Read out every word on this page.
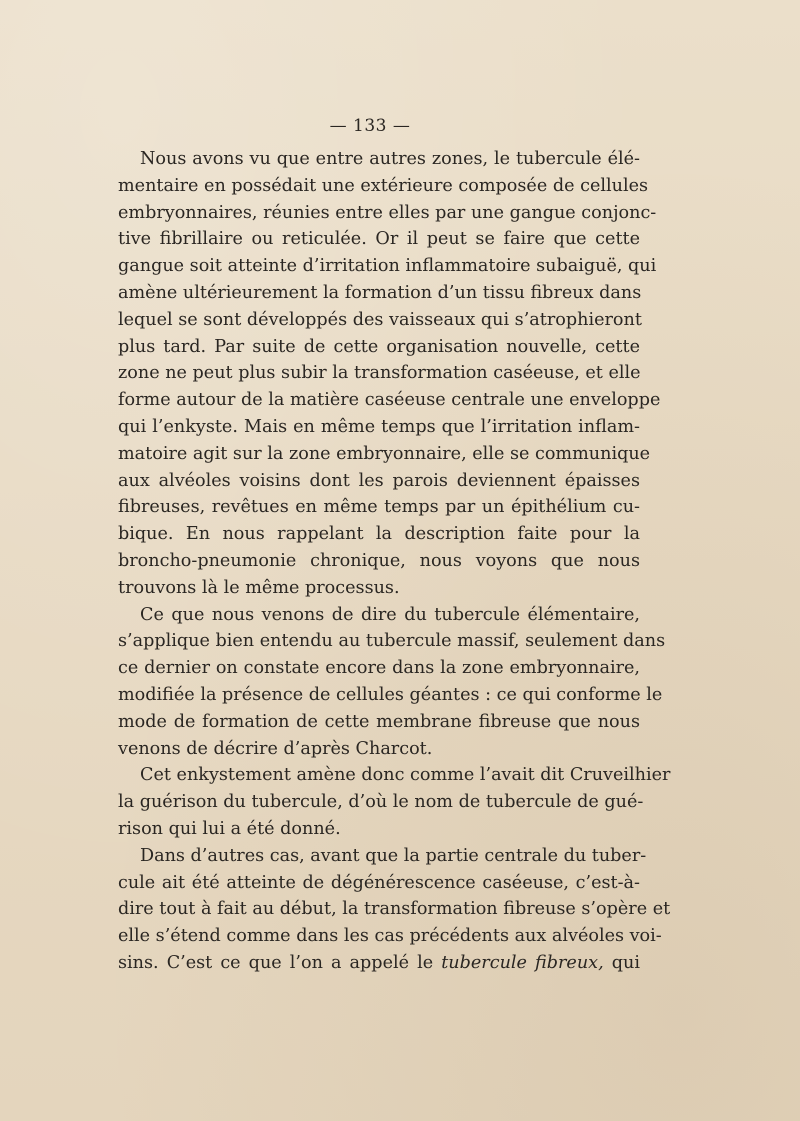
— 133 —
Nous avons vu que entre autres zones, le tubercule élé-
mentaire en possédait une extérieure composée de cellules
embryonnaires, réunies entre elles par une gangue conjonc-
tive fibrillaire ou reticulée. Or il peut se faire que cette
gangue soit atteinte d’irritation inflammatoire subaiguë, qui
amène ultérieurement la formation d’un tissu fibreux dans
lequel se sont développés des vaisseaux qui s’atrophieront
plus tard. Par suite de cette organisation nouvelle, cette
zone ne peut plus subir la transformation caséeuse, et elle
forme autour de la matière caséeuse centrale une enveloppe
qui l’enkyste. Mais en même temps que l’irritation inflam-
matoire agit sur la zone embryonnaire, elle se communique
aux alvéoles voisins dont les parois deviennent épaisses
fibreuses, revêtues en même temps par un épithélium cu-
bique. En nous rappelant la description faite pour la
broncho-pneumonie chronique, nous voyons que nous
trouvons là le même processus.
Ce que nous venons de dire du tubercule élémentaire,
s’applique bien entendu au tubercule massif, seulement dans
ce dernier on constate encore dans la zone embryonnaire,
modifiée la présence de cellules géantes : ce qui conforme le
mode de formation de cette membrane fibreuse que nous
venons de décrire d’après Charcot.
Cet enkystement amène donc comme l’avait dit Cruveilhier
la guérison du tubercule, d’où le nom de tubercule de gué-
rison qui lui a été donné.
Dans d’autres cas, avant que la partie centrale du tuber-
cule ait été atteinte de dégénérescence caséeuse, c’est-à-
dire tout à fait au début, la transformation fibreuse s’opère et
elle s’étend comme dans les cas précédents aux alvéoles voi-
sins. C’est ce que l’on a appelé le tubercule fibreux, qui
